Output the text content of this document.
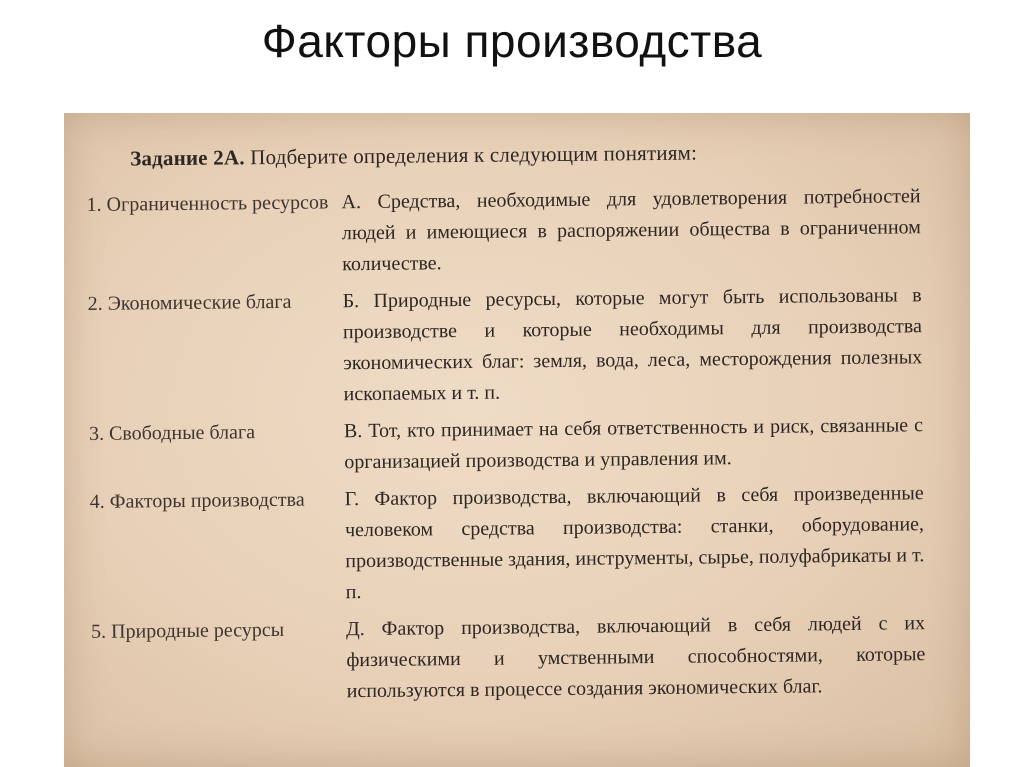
Факторы производства
Задание 2А. Подберите определения к следующим понятиям:
1. Ограниченность ресурсов А. Средства, необходимые для удовлетворения потребностей людей и имеющиеся в распоряжении общества в ограниченном количестве.
2. Экономические блага	Б. Природные ресурсы, которые могут быть использованы в производстве и которые необходимы для производства экономических благ: земля, вода, леса, месторождения полезных ископаемых и т. п.
3. Свободные блага	В. Тот, кто принимает на себя ответственность и риск, связанные с организацией производства и управления им.
4. Факторы производства	Г. Фактор производства, включающий в себя произведенные человеком средства производства: станки, оборудование, производственные здания, инструменты, сырье, полуфабрикаты и т. п.
5. Природные ресурсы	Д. Фактор производства, включающий в себя людей с их физическими и умственными способностями, которые используются в процессе создания экономических благ.
